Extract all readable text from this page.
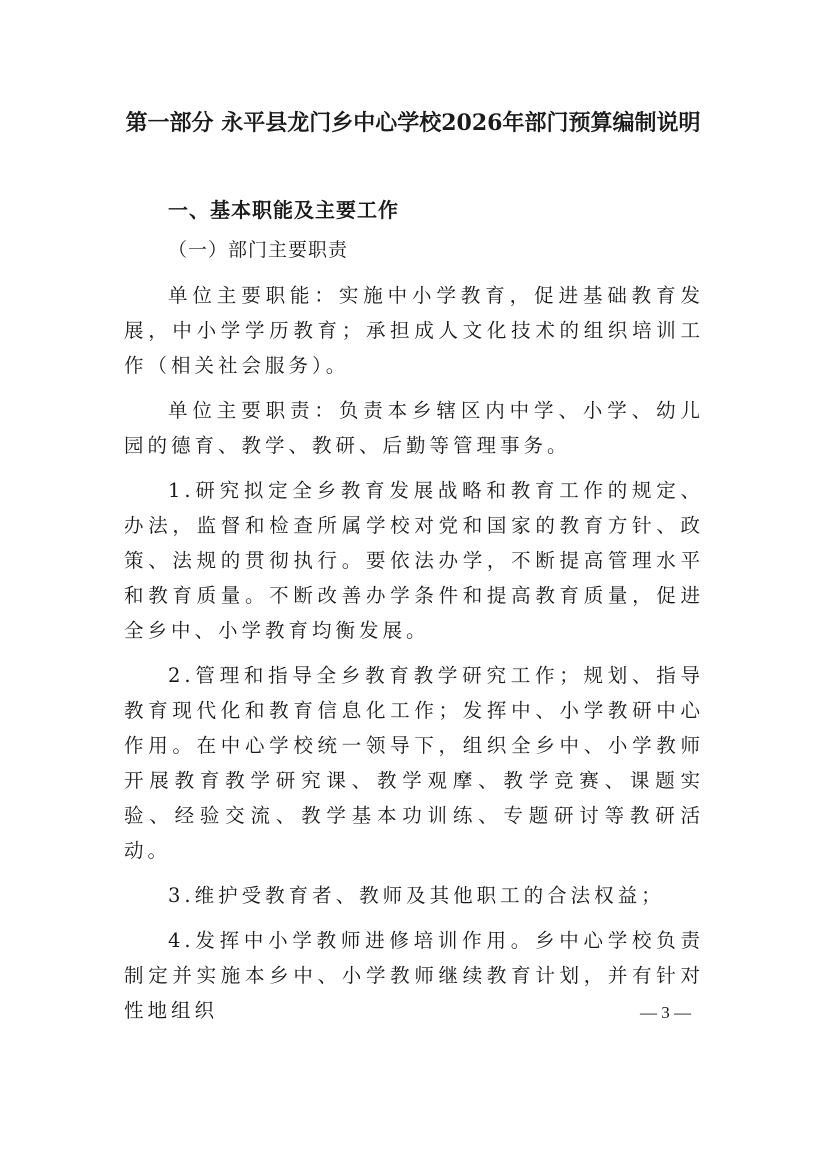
第一部分 永平县龙门乡中心学校2026年部门预算编制说明
一、基本职能及主要工作
（一）部门主要职责

单位主要职能：实施中小学教育，促进基础教育发展，中小学学历教育；承担成人文化技术的组织培训工作（相关社会服务）。

单位主要职责：负责本乡辖区内中学、小学、幼儿园的德育、教学、教研、后勤等管理事务。

1.研究拟定全乡教育发展战略和教育工作的规定、办法，监督和检查所属学校对党和国家的教育方针、政策、法规的贯彻执行。要依法办学，不断提高管理水平和教育质量。不断改善办学条件和提高教育质量，促进全乡中、小学教育均衡发展。

2.管理和指导全乡教育教学研究工作；规划、指导教育现代化和教育信息化工作；发挥中、小学教研中心作用。在中心学校统一领导下，组织全乡中、小学教师开展教育教学研究课、教学观摩、教学竞赛、课题实验、经验交流、教学基本功训练、专题研讨等教研活动。

3.维护受教育者、教师及其他职工的合法权益；

4.发挥中小学教师进修培训作用。乡中心学校负责制定并实施本乡中、小学教师继续教育计划，并有针对性地组织	— 3 —
